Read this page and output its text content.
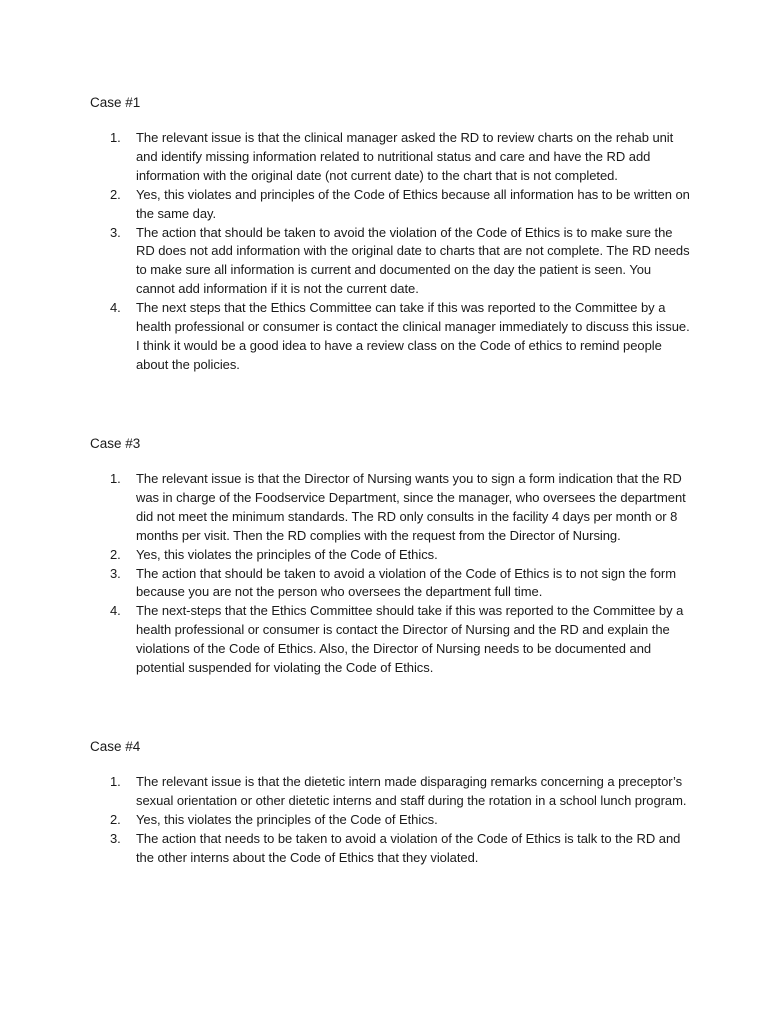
Case #1

1. The relevant issue is that the clinical manager asked the RD to review charts on the rehab unit and identify missing information related to nutritional status and care and have the RD add information with the original date (not current date) to the chart that is not completed.
2. Yes, this violates and principles of the Code of Ethics because all information has to be written on the same day.
3. The action that should be taken to avoid the violation of the Code of Ethics is to make sure the RD does not add information with the original date to charts that are not complete. The RD needs to make sure all information is current and documented on the day the patient is seen. You cannot add information if it is not the current date.
4. The next steps that the Ethics Committee can take if this was reported to the Committee by a health professional or consumer is contact the clinical manager immediately to discuss this issue. I think it would be a good idea to have a review class on the Code of ethics to remind people about the policies.

Case #3

1. The relevant issue is that the Director of Nursing wants you to sign a form indication that the RD was in charge of the Foodservice Department, since the manager, who oversees the department did not meet the minimum standards. The RD only consults in the facility 4 days per month or 8 months per visit. Then the RD complies with the request from the Director of Nursing.
2. Yes, this violates the principles of the Code of Ethics.
3. The action that should be taken to avoid a violation of the Code of Ethics is to not sign the form because you are not the person who oversees the department full time.
4. The next-steps that the Ethics Committee should take if this was reported to the Committee by a health professional or consumer is contact the Director of Nursing and the RD and explain the violations of the Code of Ethics. Also, the Director of Nursing needs to be documented and potential suspended for violating the Code of Ethics.

Case #4

1. The relevant issue is that the dietetic intern made disparaging remarks concerning a preceptor’s sexual orientation or other dietetic interns and staff during the rotation in a school lunch program.
2. Yes, this violates the principles of the Code of Ethics.
3. The action that needs to be taken to avoid a violation of the Code of Ethics is talk to the RD and the other interns about the Code of Ethics that they violated.
